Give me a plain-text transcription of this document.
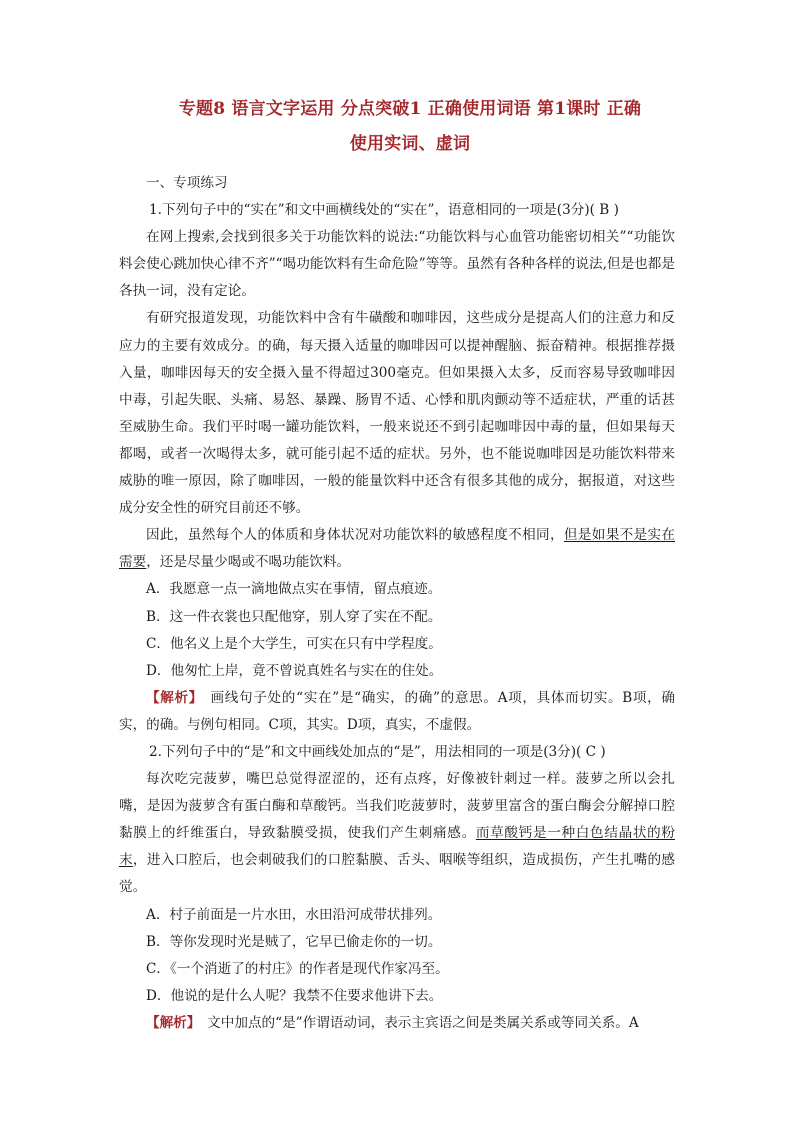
专题8 语言文字运用 分点突破1 正确使用词语 第1课时 正确
使用实词、虚词

一、专项练习

1.下列句子中的“实在”和文中画横线处的“实在”，语意相同的一项是(3分)( B )

在网上搜索,会找到很多关于功能饮料的说法:“功能饮料与心血管功能密切相关”“功能饮料会使心跳加快心律不齐”“喝功能饮料有生命危险”等等。虽然有各种各样的说法,但是也都是各执一词，没有定论。

有研究报道发现，功能饮料中含有牛磺酸和咖啡因，这些成分是提高人们的注意力和反应力的主要有效成分。的确，每天摄入适量的咖啡因可以提神醒脑、振奋精神。根据推荐摄入量，咖啡因每天的安全摄入量不得超过300毫克。但如果摄入太多，反而容易导致咖啡因中毒，引起失眠、头痛、易怒、暴躁、肠胃不适、心悸和肌肉颤动等不适症状，严重的话甚至威胁生命。我们平时喝一罐功能饮料，一般来说还不到引起咖啡因中毒的量，但如果每天都喝，或者一次喝得太多，就可能引起不适的症状。另外，也不能说咖啡因是功能饮料带来威胁的唯一原因，除了咖啡因，一般的能量饮料中还含有很多其他的成分，据报道，对这些成分安全性的研究目前还不够。

因此，虽然每个人的体质和身体状况对功能饮料的敏感程度不相同，但是如果不是实在需要，还是尽量少喝或不喝功能饮料。

A．我愿意一点一滴地做点实在事情，留点痕迹。

B．这一件衣裳也只配他穿，别人穿了实在不配。

C．他名义上是个大学生，可实在只有中学程度。

D．他匆忙上岸，竟不曾说真姓名与实在的住处。

【解析】　画线句子处的“实在”是“确实，的确”的意思。A项，具体而切实。B项，确实，的确。与例句相同。C项，其实。D项，真实，不虚假。

2.下列句子中的“是”和文中画线处加点的“是”，用法相同的一项是(3分)( C )

每次吃完菠萝，嘴巴总觉得涩涩的，还有点疼，好像被针刺过一样。菠萝之所以会扎嘴，是因为菠萝含有蛋白酶和草酸钙。当我们吃菠萝时，菠萝里富含的蛋白酶会分解掉口腔黏膜上的纤维蛋白，导致黏膜受损，使我们产生刺痛感。而草酸钙是一种白色结晶状的粉末，进入口腔后，也会刺破我们的口腔黏膜、舌头、咽喉等组织，造成损伤，产生扎嘴的感觉。

A．村子前面是一片水田，水田沿河成带状排列。

B．等你发现时光是贼了，它早已偷走你的一切。

C．《一个消逝了的村庄》的作者是现代作家冯至。

D．他说的是什么人呢？我禁不住要求他讲下去。

【解析】　文中加点的“是”作谓语动词，表示主宾语之间是类属关系或等同关系。A
